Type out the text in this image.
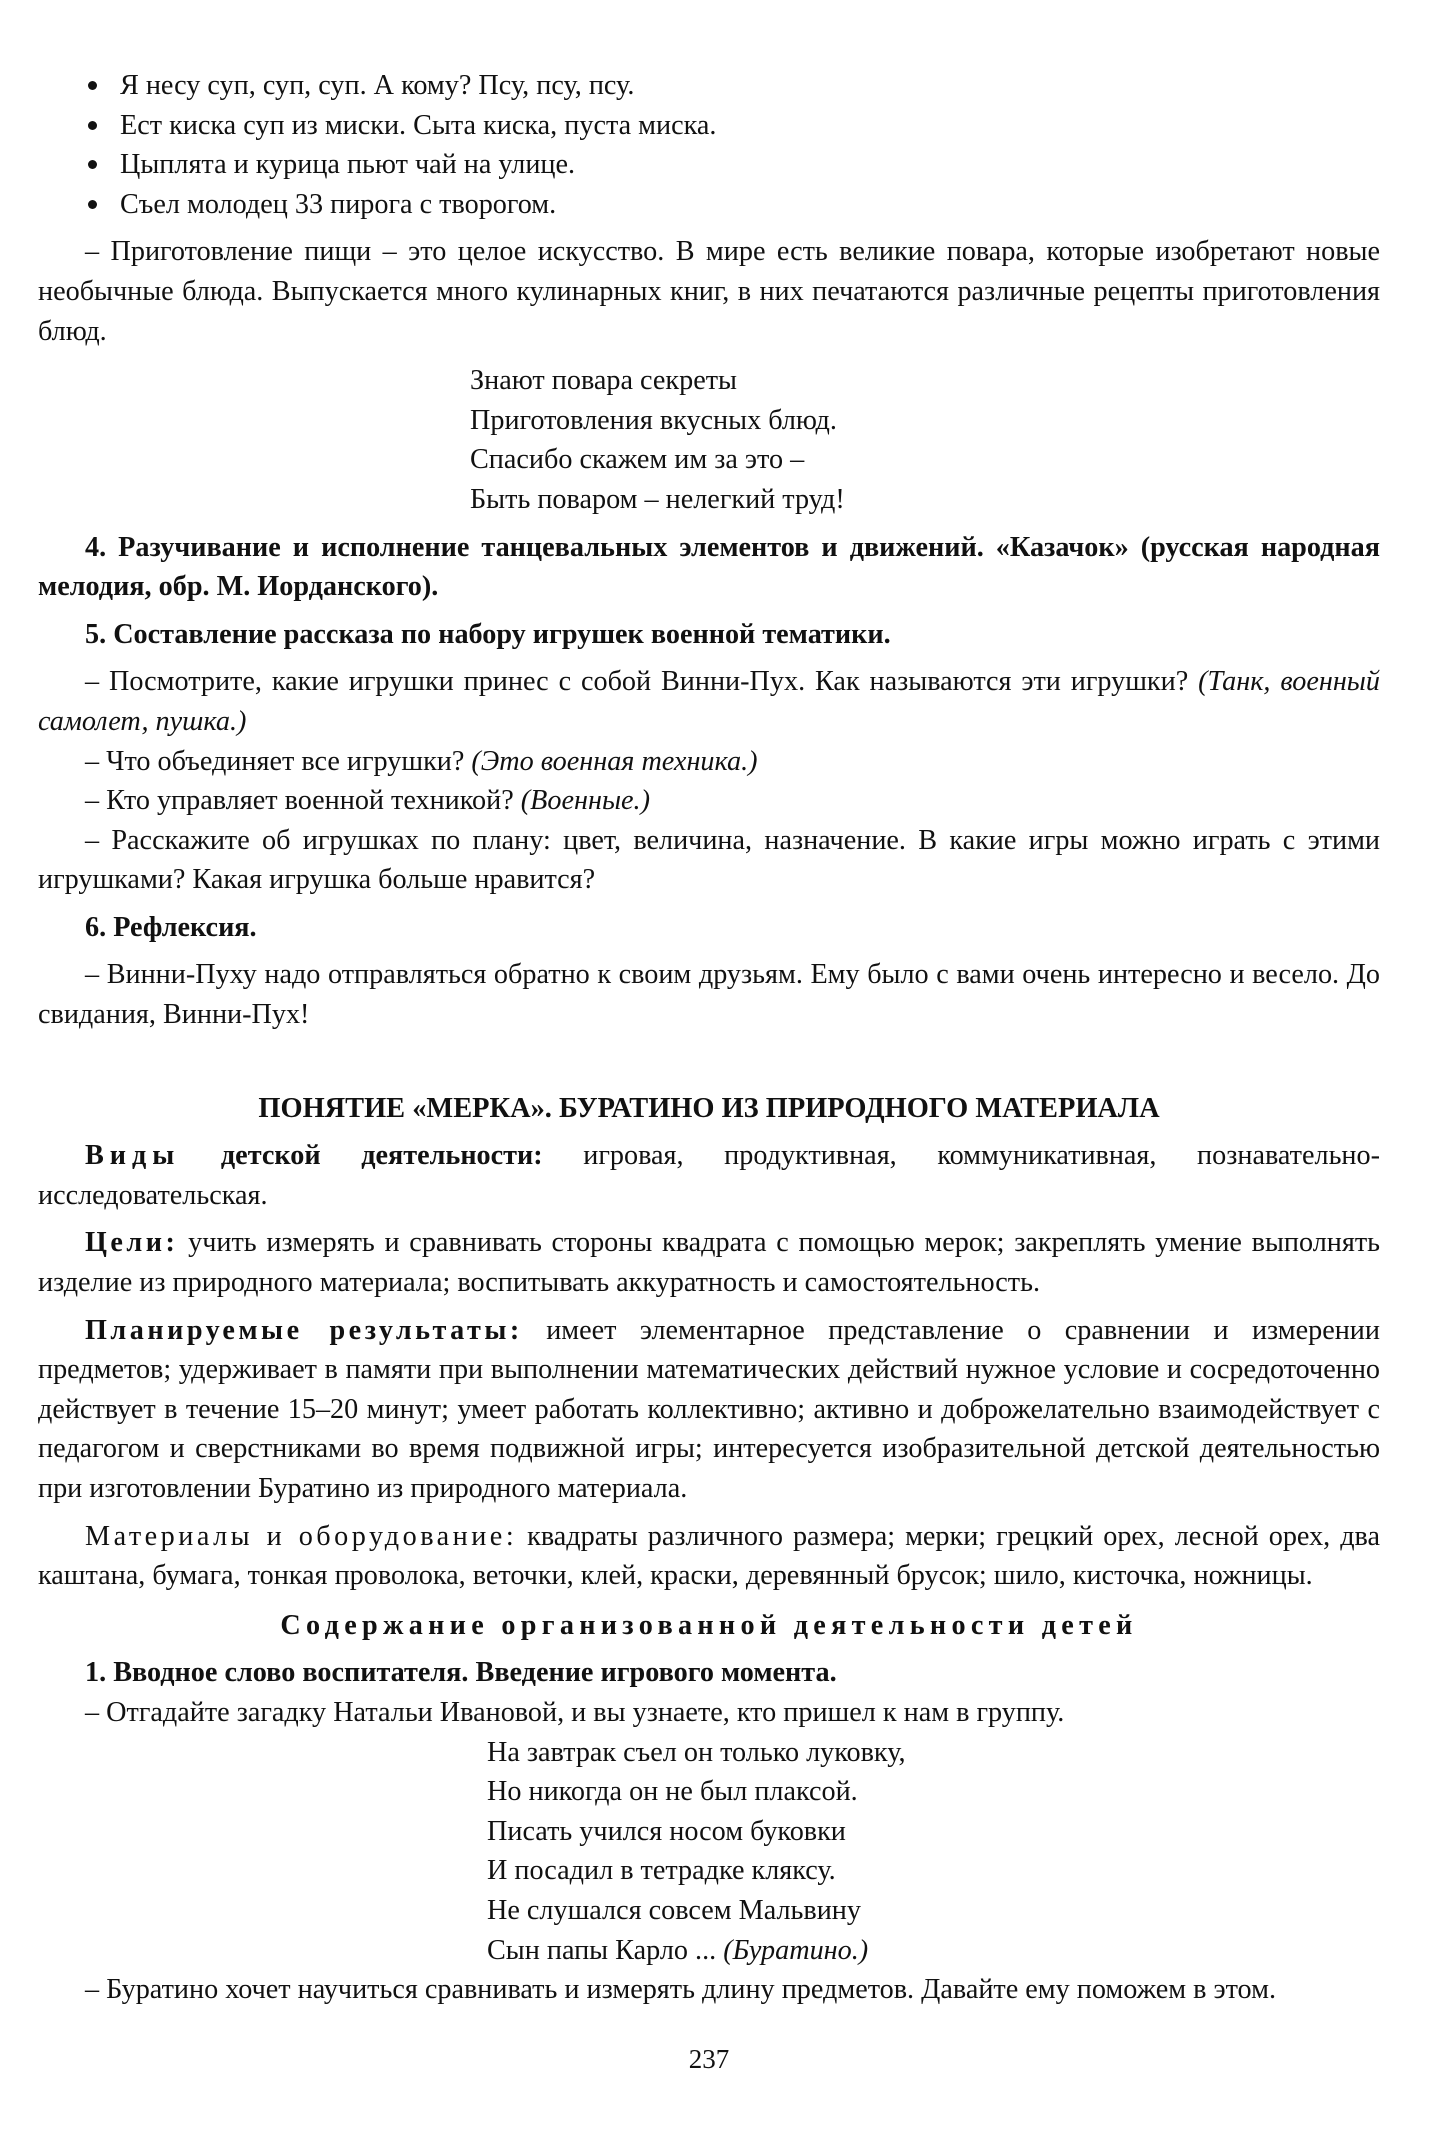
Я несу суп, суп, суп. А кому? Псу, псу, псу.
Ест киска суп из миски. Сыта киска, пуста миска.
Цыплята и курица пьют чай на улице.
Съел молодец 33 пирога с творогом.

– Приготовление пищи – это целое искусство. В мире есть великие повара, которые изобретают новые необычные блюда. Выпускается много кулинарных книг, в них печатаются различные рецепты приготовления блюд.

Знают повара секреты

Приготовления вкусных блюд.

Спасибо скажем им за это –

Быть поваром – нелегкий труд!

4. Разучивание и исполнение танцевальных элементов и движений. «Казачок» (русская народная мелодия, обр. М. Иорданского).

5. Составление рассказа по набору игрушек военной тематики.

– Посмотрите, какие игрушки принес с собой Винни-Пух. Как называются эти игрушки? (Танк, военный самолет, пушка.)

– Что объединяет все игрушки? (Это военная техника.)

– Кто управляет военной техникой? (Военные.)

– Расскажите об игрушках по плану: цвет, величина, назначение. В какие игры можно играть с этими игрушками? Какая игрушка больше нравится?

6. Рефлексия.

– Винни-Пуху надо отправляться обратно к своим друзьям. Ему было с вами очень интересно и весело. До свидания, Винни-Пух!

ПОНЯТИЕ «МЕРКА». БУРАТИНО ИЗ ПРИРОДНОГО МАТЕРИАЛА

Виды детской деятельности: игровая, продуктивная, коммуникативная, познавательно-исследовательская.

Цели: учить измерять и сравнивать стороны квадрата с помощью мерок; закреплять умение выполнять изделие из природного материала; воспитывать аккуратность и самостоятельность.

Планируемые результаты: имеет элементарное представление о сравнении и измерении предметов; удерживает в памяти при выполнении математических действий нужное условие и сосредоточенно действует в течение 15–20 минут; умеет работать коллективно; активно и доброжелательно взаимодействует с педагогом и сверстниками во время подвижной игры; интересуется изобразительной детской деятельностью при изготовлении Буратино из природного материала.

Материалы и оборудование: квадраты различного размера; мерки; грецкий орех, лесной орех, два каштана, бумага, тонкая проволока, веточки, клей, краски, деревянный брусок; шило, кисточка, ножницы.

Содержание организованной деятельности детей

1. Вводное слово воспитателя. Введение игрового момента.

– Отгадайте загадку Натальи Ивановой, и вы узнаете, кто пришел к нам в группу.

На завтрак съел он только луковку,

Но никогда он не был плаксой.

Писать учился носом буковки

И посадил в тетрадке кляксу.

Не слушался совсем Мальвину

Сын папы Карло ... (Буратино.)

– Буратино хочет научиться сравнивать и измерять длину предметов. Давайте ему поможем в этом.

237
